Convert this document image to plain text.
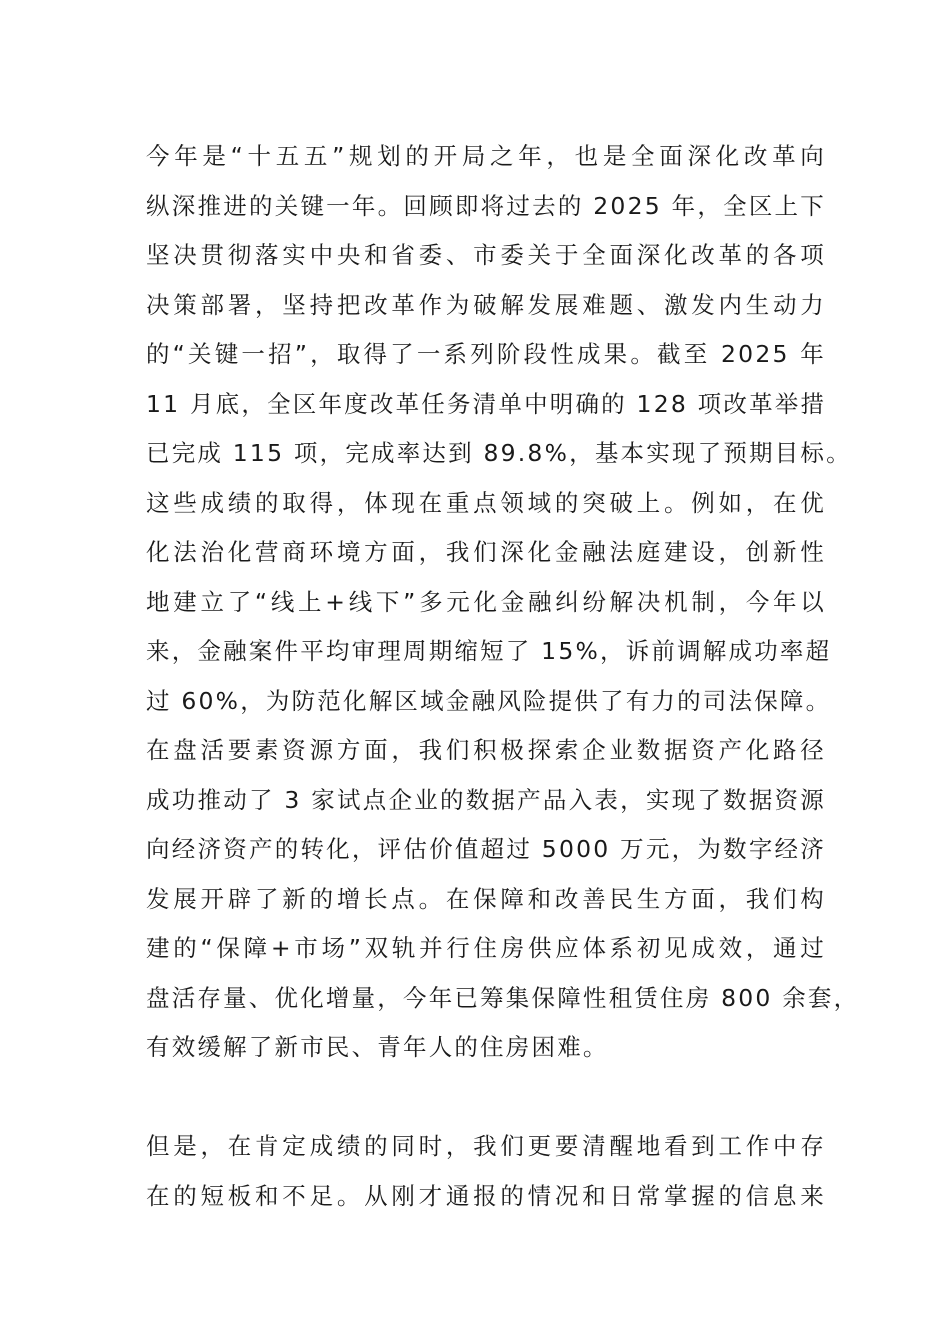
今年是“十五五”规划的开局之年，也是全面深化改革向
纵深推进的关键一年。回顾即将过去的 2025 年，全区上下
坚决贯彻落实中央和省委、市委关于全面深化改革的各项
决策部署，坚持把改革作为破解发展难题、激发内生动力
的“关键一招”，取得了一系列阶段性成果。截至 2025 年
11 月底，全区年度改革任务清单中明确的 128 项改革举措
已完成 115 项，完成率达到 89.8%，基本实现了预期目标。
这些成绩的取得，体现在重点领域的突破上。例如，在优
化法治化营商环境方面，我们深化金融法庭建设，创新性
地建立了“线上+线下”多元化金融纠纷解决机制，今年以
来，金融案件平均审理周期缩短了 15%，诉前调解成功率超
过 60%，为防范化解区域金融风险提供了有力的司法保障。
在盘活要素资源方面，我们积极探索企业数据资产化路径
成功推动了 3 家试点企业的数据产品入表，实现了数据资源
向经济资产的转化，评估价值超过 5000 万元，为数字经济
发展开辟了新的增长点。在保障和改善民生方面，我们构
建的“保障+市场”双轨并行住房供应体系初见成效，通过
盘活存量、优化增量，今年已筹集保障性租赁住房 800 余套，
有效缓解了新市民、青年人的住房困难。
但是，在肯定成绩的同时，我们更要清醒地看到工作中存
在的短板和不足。从刚才通报的情况和日常掌握的信息来
